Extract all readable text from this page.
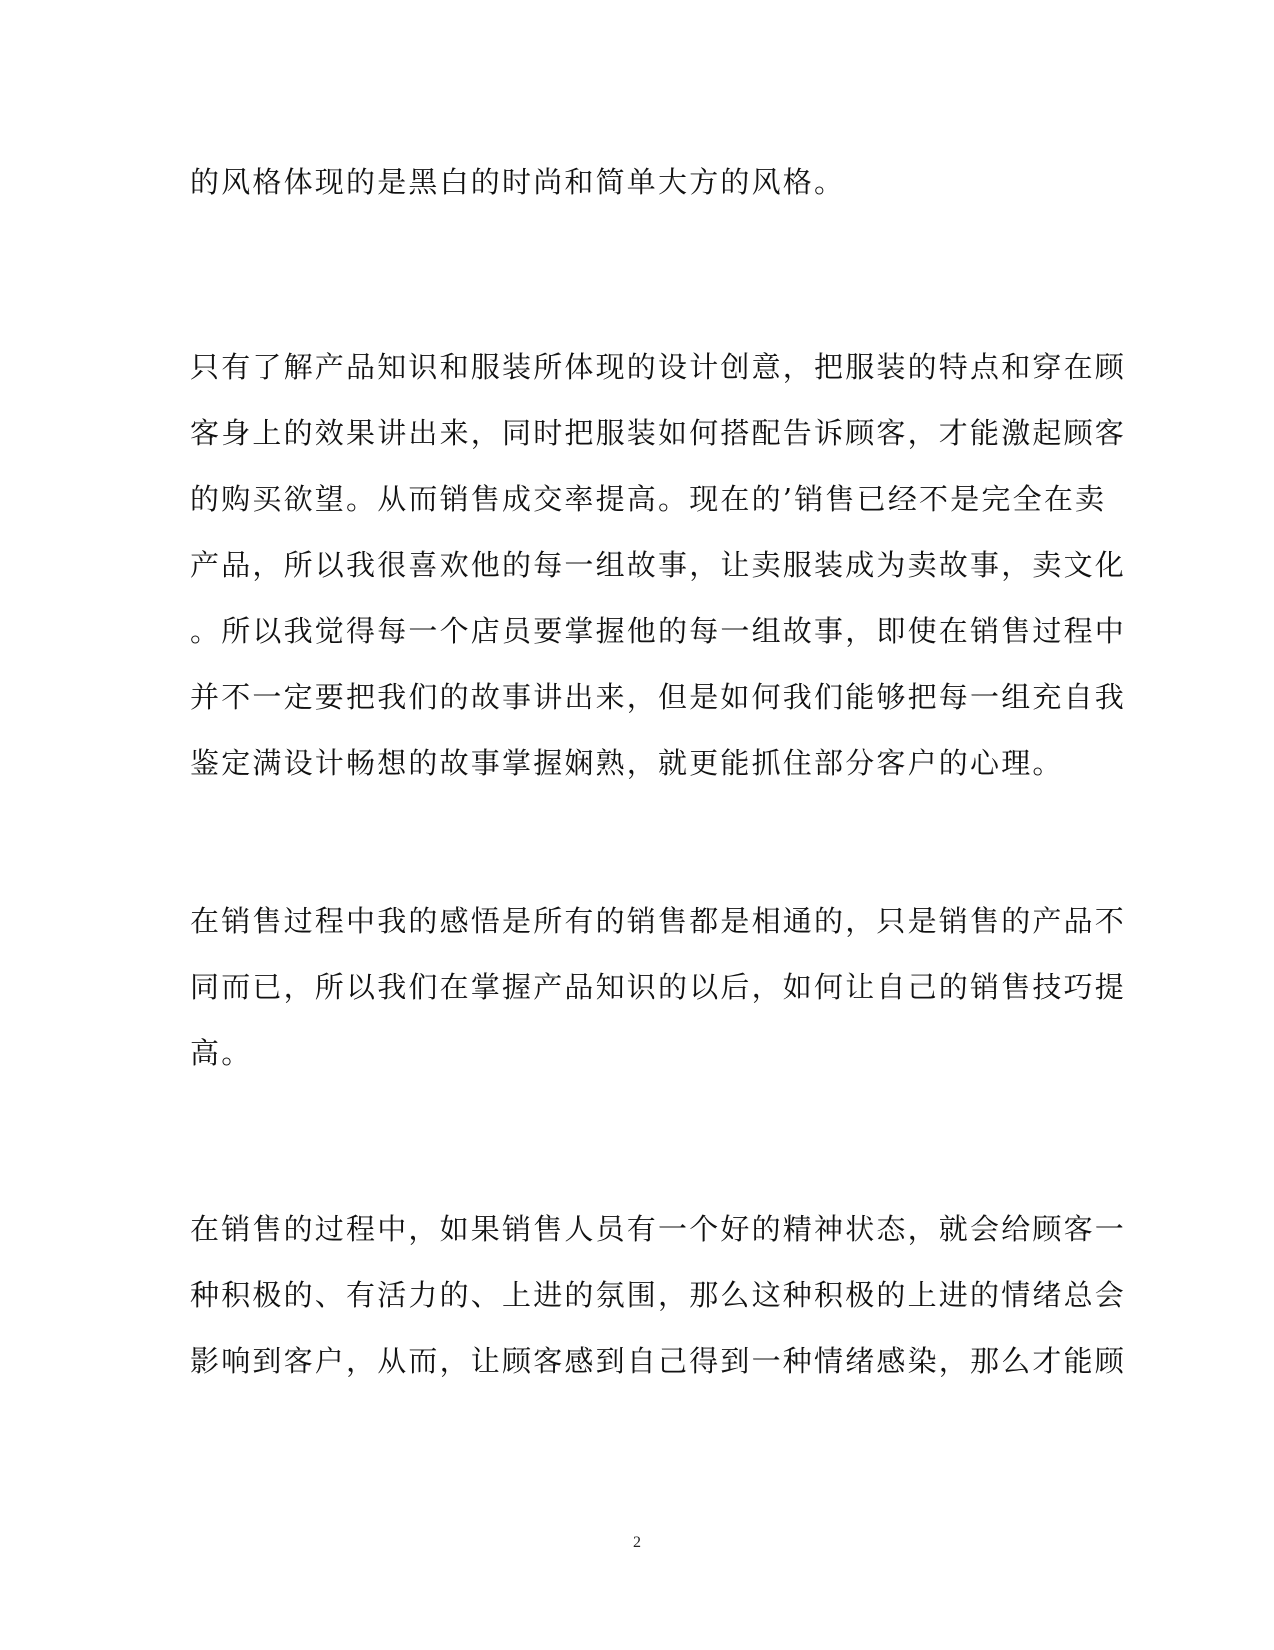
的风格体现的是黑白的时尚和简单大方的风格。
只有了解产品知识和服装所体现的设计创意，把服装的特点和穿在顾
客身上的效果讲出来，同时把服装如何搭配告诉顾客，才能激起顾客
的购买欲望。从而销售成交率提高。现在的’销售已经不是完全在卖
产品，所以我很喜欢他的每一组故事，让卖服装成为卖故事，卖文化
。所以我觉得每一个店员要掌握他的每一组故事，即使在销售过程中
并不一定要把我们的故事讲出来，但是如何我们能够把每一组充自我
鉴定满设计畅想的故事掌握娴熟，就更能抓住部分客户的心理。
在销售过程中我的感悟是所有的销售都是相通的，只是销售的产品不
同而已，所以我们在掌握产品知识的以后，如何让自己的销售技巧提
高。
在销售的过程中，如果销售人员有一个好的精神状态，就会给顾客一
种积极的、有活力的、上进的氛围，那么这种积极的上进的情绪总会
影响到客户，从而，让顾客感到自己得到一种情绪感染，那么才能顾
2
